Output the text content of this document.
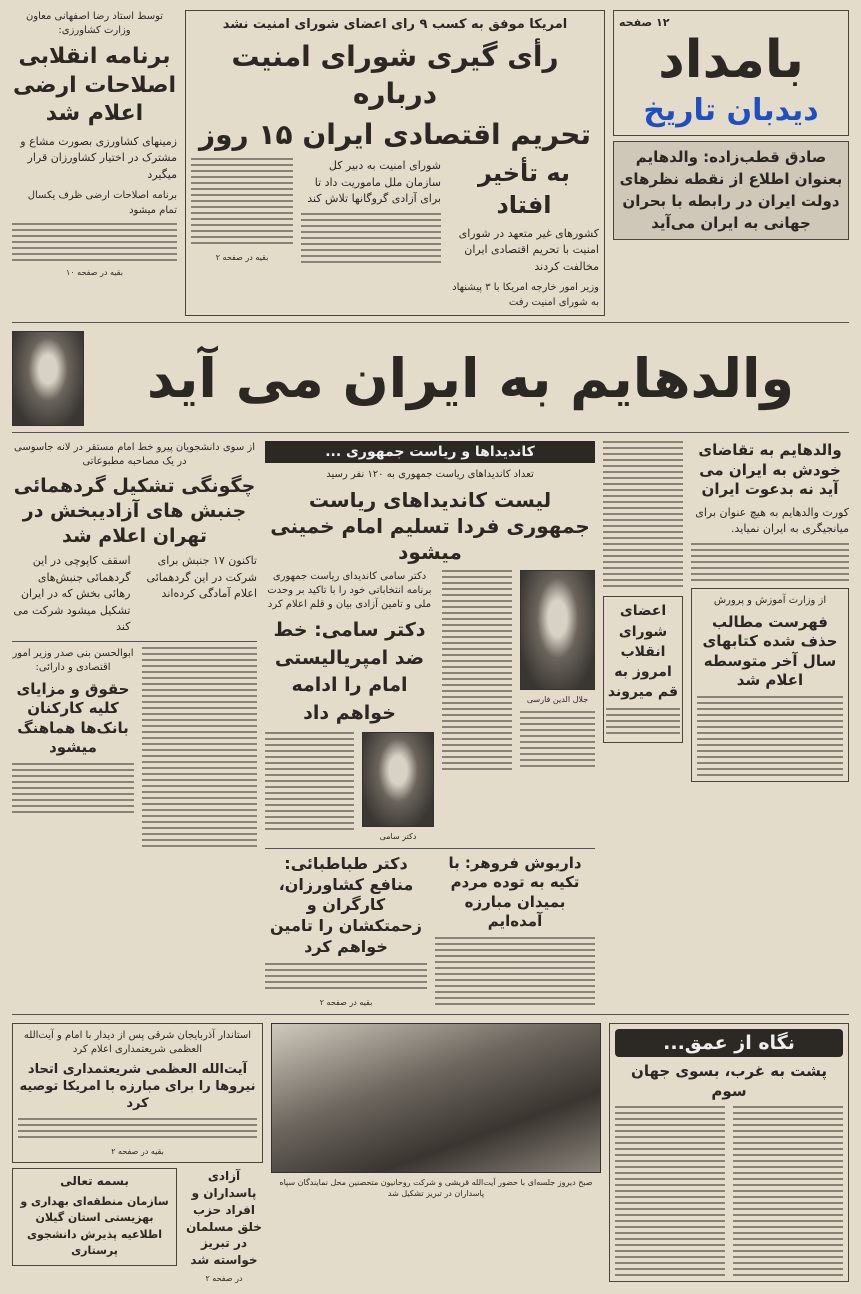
۱۲ صفحه
بامداد
دیدبان تاریخ
صادق قطب‌زاده: والدهایم بعنوان اطلاع از نقطه نظرهای دولت ایران در رابطه با بحران جهانی به ایران می‌آید
امریکا موفق به کسب ۹ رای اعضای شورای امنیت نشد
رأی گیری شورای امنیت درباره
تحریم اقتصادی ایران ۱۵ روز
به تأخیر افتاد
کشورهای غیر متعهد در شورای امنیت با تحریم اقتصادی ایران مخالفت کردند
وزیر امور خارجه امریکا با ۳ پیشنهاد به شورای امنیت رفت
شورای امنیت به دبیر کل سازمان ملل ماموریت داد تا برای آزادی گروگانها تلاش کند
بقیه در صفحه ۲
توسط استاد رضا اصفهانی معاون وزارت کشاورزی:
برنامه انقلابی اصلاحات ارضی اعلام شد
زمینهای کشاورزی بصورت مشاع و مشترک در اختیار کشاورزان قرار میگیرد
برنامه اصلاحات ارضی ظرف یکسال تمام میشود
بقیه در صفحه ۱۰
والدهایم به ایران می آید
والدهایم به تقاضای خودش به ایران می آید نه بدعوت ایران
کورت والدهایم به هیچ عنوان برای میانجیگری به ایران نمیاید.
از وزارت آموزش و پرورش
فهرست مطالب حذف شده کتابهای سال آخر متوسطه اعلام شد
اعضای شورای انقلاب امروز به قم میروند
کاندیداها و ریاست جمهوری ...
تعداد کاندیداهای ریاست جمهوری به ۱۲۰ نفر رسید
لیست کاندیداهای ریاست جمهوری فردا تسلیم امام خمینی میشود
جلال الدین فارسی
دکتر سامی کاندیدای ریاست جمهوری برنامه انتخاباتی خود را با تاکید بر وحدت ملی و تامین آزادی بیان و قلم اعلام کرد
دکتر سامی: خط ضد امپریالیستی امام را ادامه خواهم داد
دکتر سامی
داریوش فروهر: با تکیه به توده مردم بمیدان مبارزه آمده‌ایم
دکتر طباطبائی: منافع کشاورزان، کارگران و زحمتکشان را تامین خواهم کرد
بقیه در صفحه ۲
از سوی دانشجویان پیرو خط امام مستقر در لانه جاسوسی در یک مصاحبه مطبوعاتی
چگونگی تشکیل گردهمائی جنبش های آزادیبخش در تهران اعلام شد
تاکنون ۱۷ جنبش برای شرکت در این گردهمائی اعلام آمادگی کرده‌اند
اسقف کاپوچی در این گردهمائی جنبش‌های رهائی بخش که در ایران تشکیل میشود شرکت می کند
ابوالحسن بنی صدر وزیر امور اقتصادی و دارائی:
حقوق و مزایای کلیه کارکنان بانک‌ها هماهنگ میشود
نگاه از عمق...
پشت به غرب، بسوی جهان سوم
صبح دیروز جلسه‌ای با حضور آیت‌الله قریشی و شرکت روحانیون متحصنین محل نمایندگان سپاه پاسداران در تبریز تشکیل شد
استاندار آذربایجان شرقی پس از دیدار با امام و آیت‌الله العظمی شریعتمداری اعلام کرد
آیت‌الله العظمی شریعتمداری اتحاد نیروها را برای مبارزه با امریکا توصیه کرد
بقیه در صفحه ۲
آزادی پاسداران و افراد حزب خلق مسلمان در تبریز خواسته شد
در صفحه ۲
بسمه تعالی
سازمان منطقه‌ای بهداری و بهزیستی استان گیلان اطلاعیه پذیرش دانشجوی پرستاری
